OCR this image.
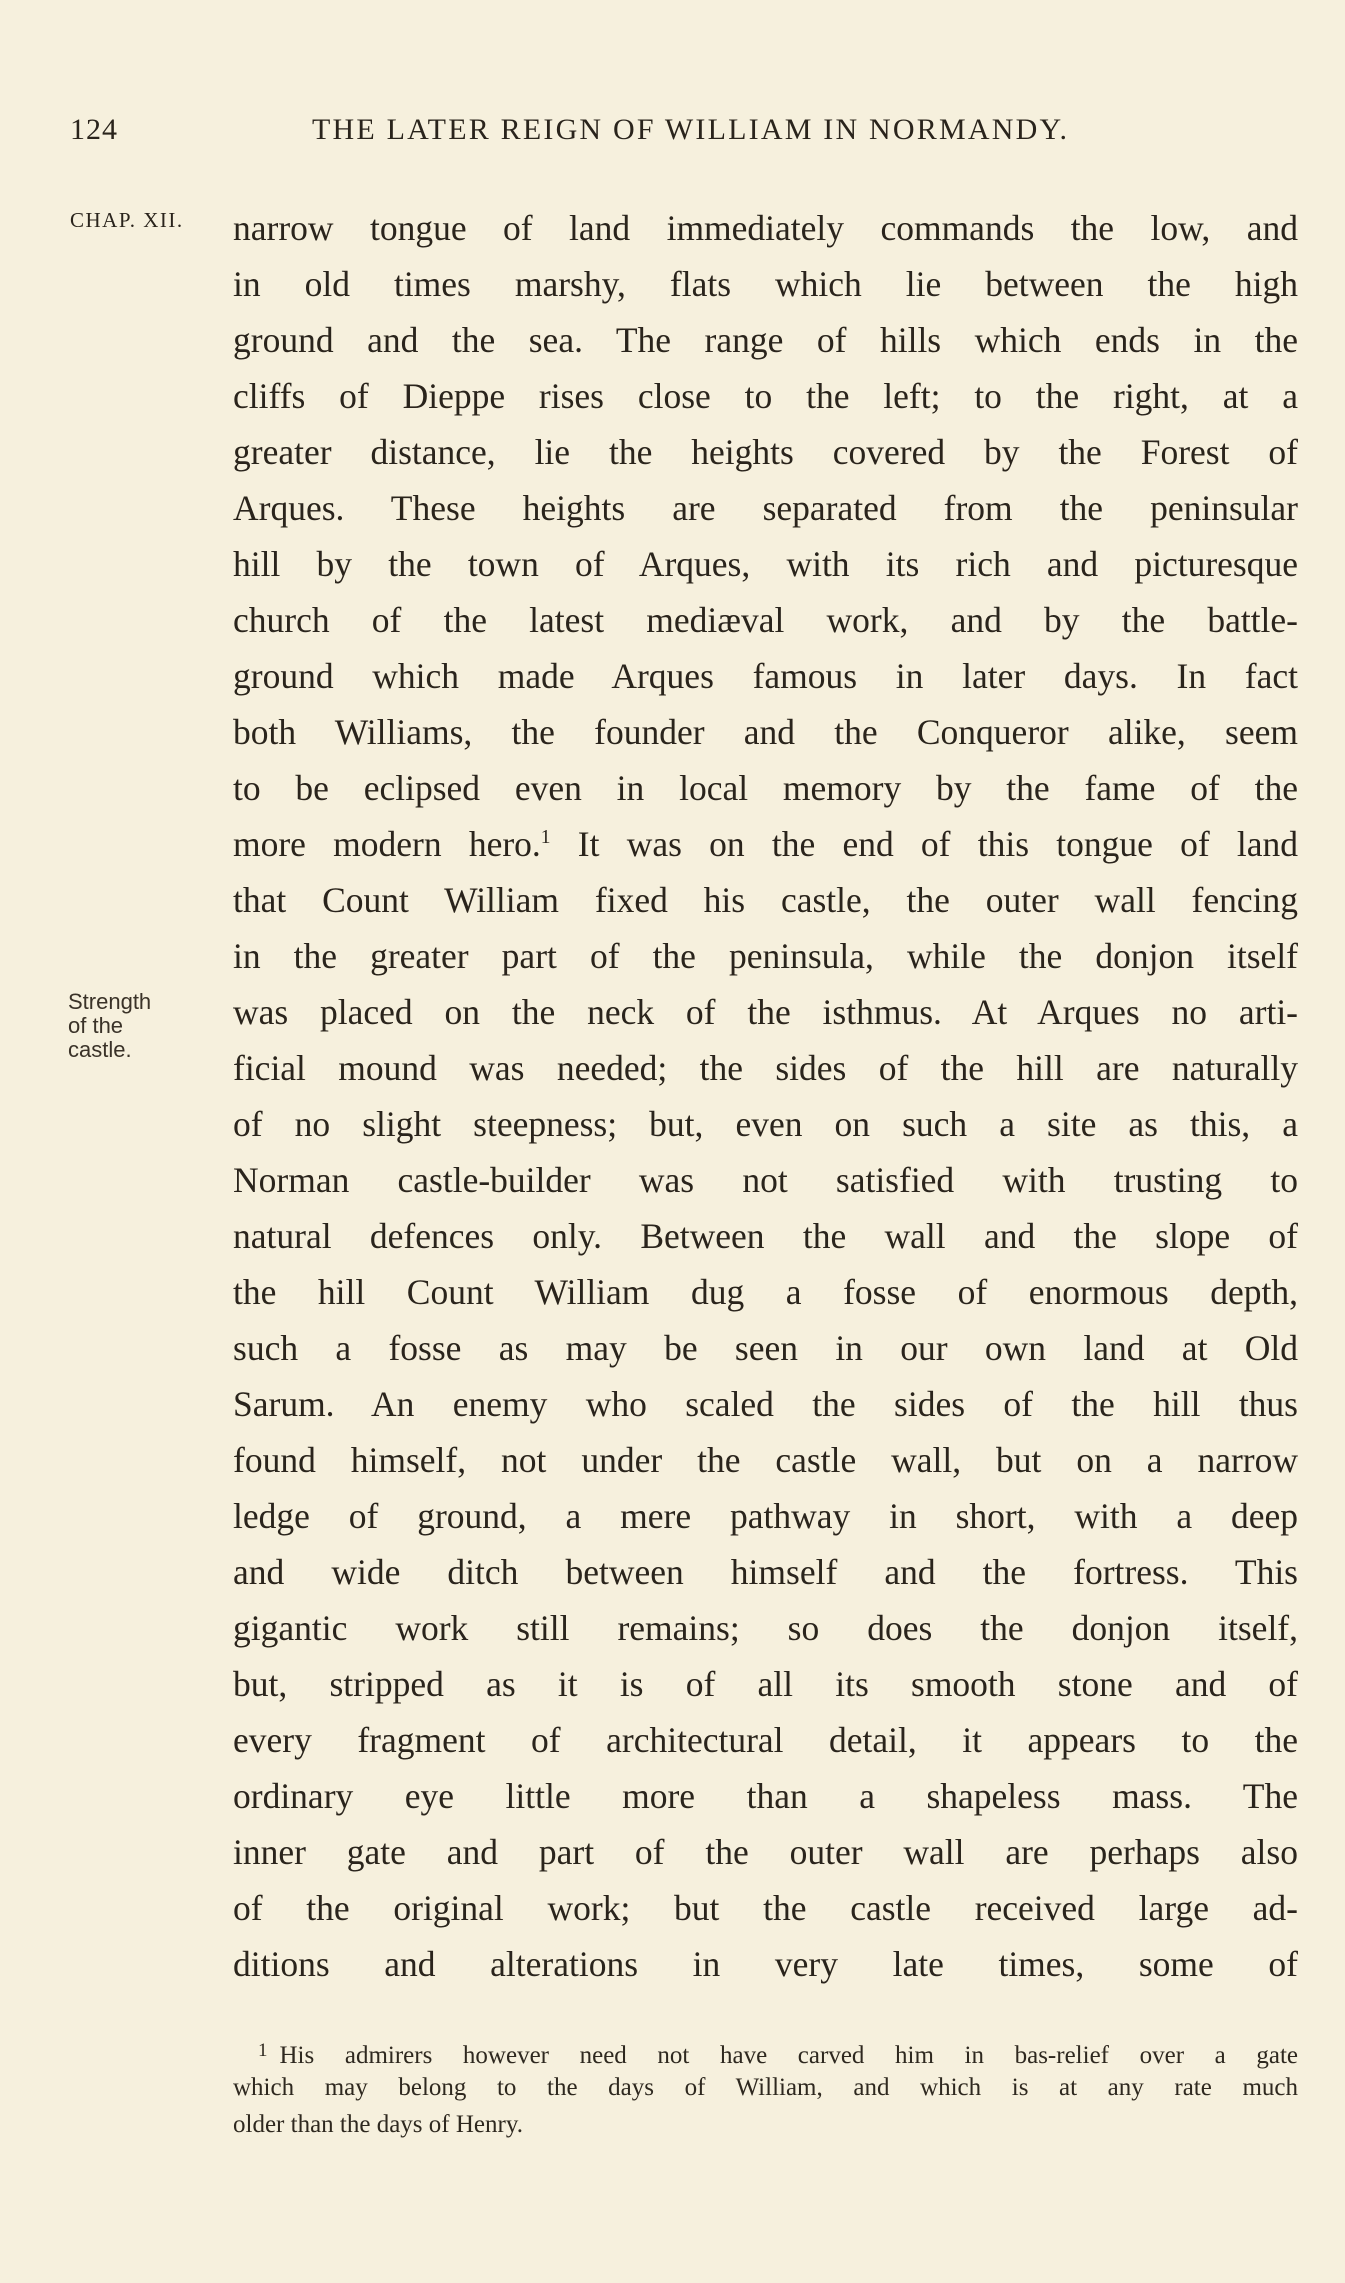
124	THE LATER REIGN OF WILLIAM IN NORMANDY.
CHAP. XII.
Strength
of the
castle.
narrow tongue of land immediately commands the low, and
in old times marshy, flats which lie between the high
ground and the sea. The range of hills which ends in the
cliffs of Dieppe rises close to the left; to the right, at a
greater distance, lie the heights covered by the Forest of
Arques. These heights are separated from the peninsular
hill by the town of Arques, with its rich and picturesque
church of the latest mediæval work, and by the battle-
ground which made Arques famous in later days. In fact
both Williams, the founder and the Conqueror alike, seem
to be eclipsed even in local memory by the fame of the
more modern hero.$^1$ It was on the end of this tongue of land
that Count William fixed his castle, the outer wall fencing
in the greater part of the peninsula, while the donjon itself
was placed on the neck of the isthmus. At Arques no arti-
ficial mound was needed; the sides of the hill are naturally
of no slight steepness; but, even on such a site as this, a
Norman castle-builder was not satisfied with trusting to
natural defences only. Between the wall and the slope of
the hill Count William dug a fosse of enormous depth,
such a fosse as may be seen in our own land at Old
Sarum. An enemy who scaled the sides of the hill thus
found himself, not under the castle wall, but on a narrow
ledge of ground, a mere pathway in short, with a deep
and wide ditch between himself and the fortress. This
gigantic work still remains; so does the donjon itself,
but, stripped as it is of all its smooth stone and of
every fragment of architectural detail, it appears to the
ordinary eye little more than a shapeless mass. The
inner gate and part of the outer wall are perhaps also
of the original work; but the castle received large ad-
ditions and alterations in very late times, some of
$^1$ His admirers however need not have carved him in bas-relief over a gate
which may belong to the days of William, and which is at any rate much
older than the days of Henry.
